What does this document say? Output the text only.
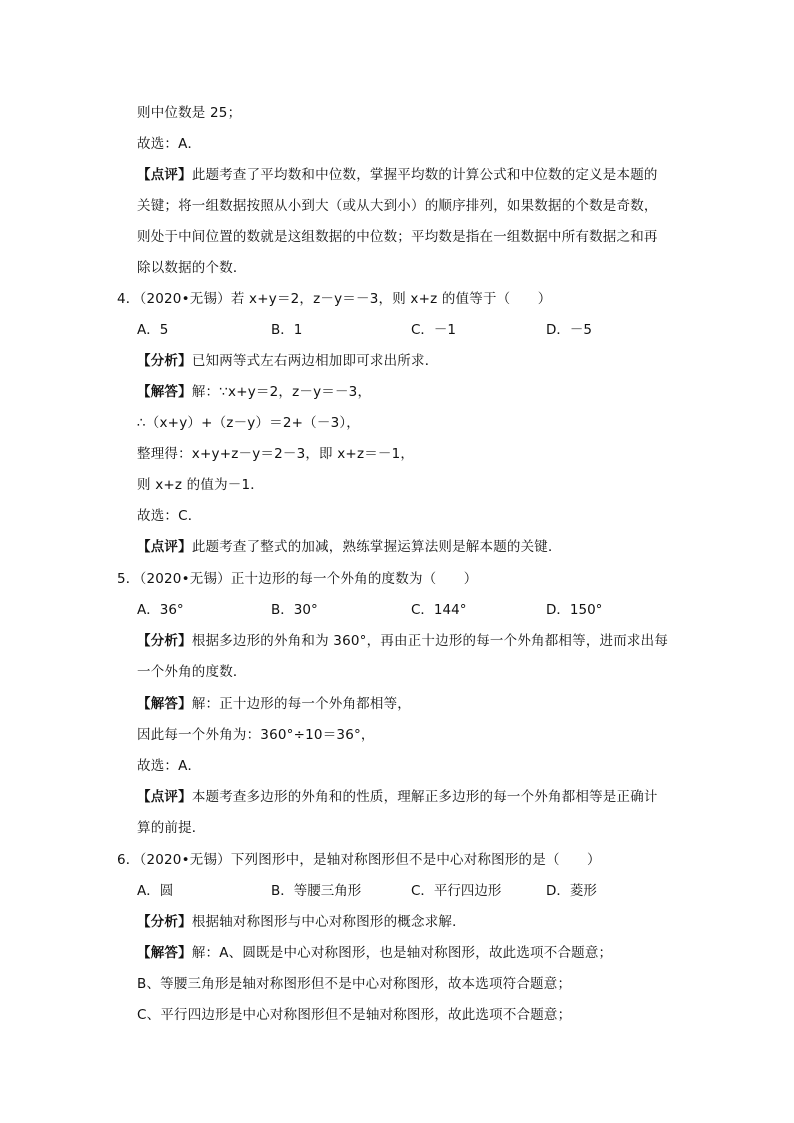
则中位数是 25；
故选：A．
【点评】此题考查了平均数和中位数，掌握平均数的计算公式和中位数的定义是本题的
关键；将一组数据按照从小到大（或从大到小）的顺序排列，如果数据的个数是奇数，
则处于中间位置的数就是这组数据的中位数；平均数是指在一组数据中所有数据之和再
除以数据的个数．
4．（2020•无锡）若 x+y＝2，z－y＝－3，则 x+z 的值等于（　　）
A．5	B．1	C．－1	D．－5
【分析】已知两等式左右两边相加即可求出所求．
【解答】解：∵x+y＝2，z－y＝－3，
∴（x+y）+（z－y）＝2+（－3），
整理得：x+y+z－y＝2－3，即 x+z＝－1，
则 x+z 的值为－1．
故选：C．
【点评】此题考查了整式的加减，熟练掌握运算法则是解本题的关键．
5．（2020•无锡）正十边形的每一个外角的度数为（　　）
A．36°	B．30°	C．144°	D．150°
【分析】根据多边形的外角和为 360°，再由正十边形的每一个外角都相等，进而求出每
一个外角的度数．
【解答】解：正十边形的每一个外角都相等，
因此每一个外角为：360°÷10＝36°，
故选：A．
【点评】本题考查多边形的外角和的性质，理解正多边形的每一个外角都相等是正确计
算的前提．
6．（2020•无锡）下列图形中，是轴对称图形但不是中心对称图形的是（　　）
A．圆	B．等腰三角形	C．平行四边形	D．菱形
【分析】根据轴对称图形与中心对称图形的概念求解．
【解答】解：A、圆既是中心对称图形，也是轴对称图形，故此选项不合题意；
B、等腰三角形是轴对称图形但不是中心对称图形，故本选项符合题意；
C、平行四边形是中心对称图形但不是轴对称图形，故此选项不合题意；
